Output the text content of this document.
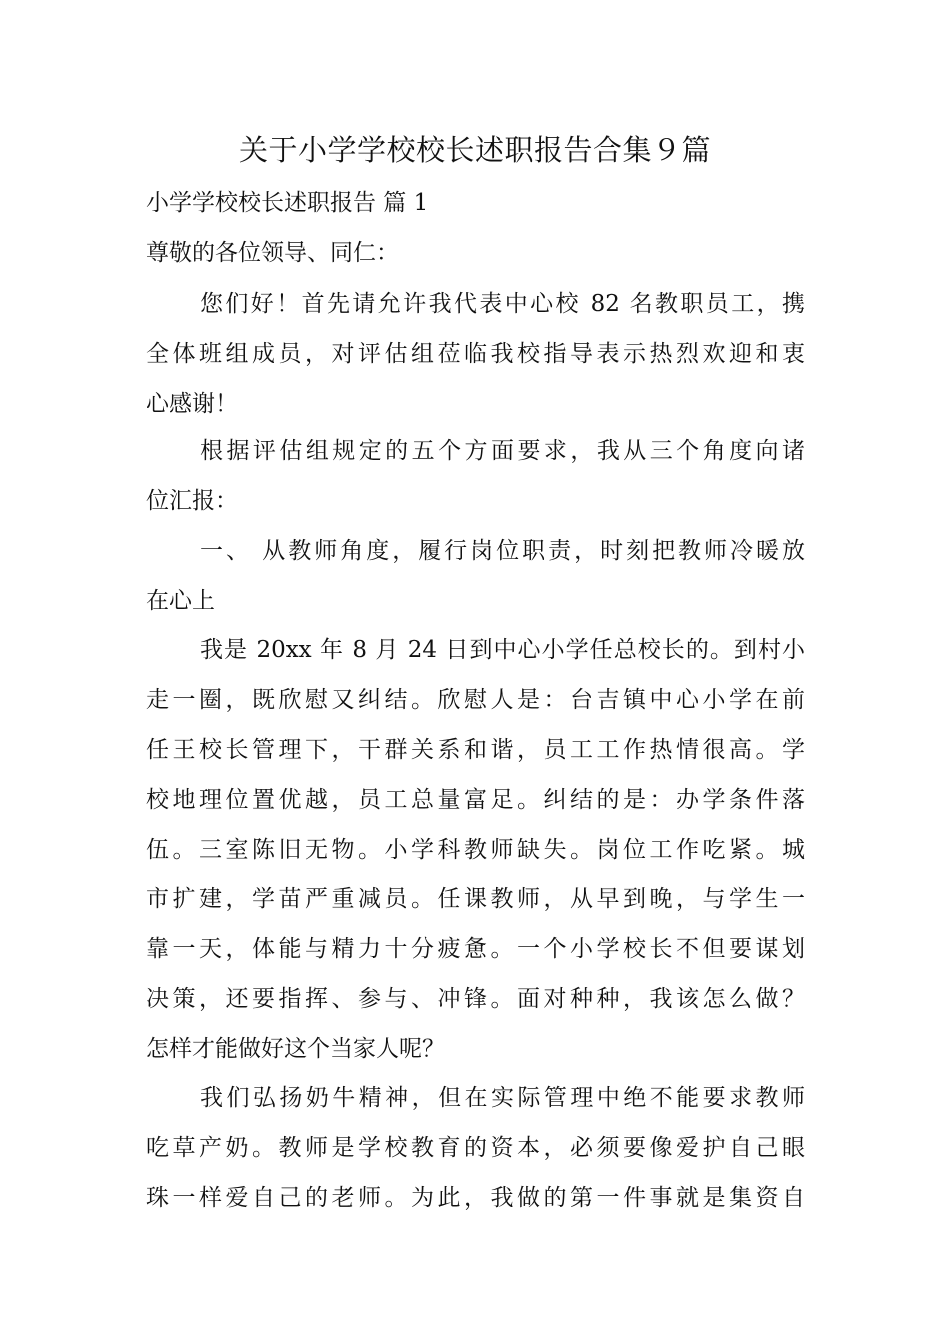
关于小学学校校长述职报告合集９篇
小学学校校长述职报告 篇 1
尊敬的各位领导、同仁：
您们好！首先请允许我代表中心校 82 名教职员工，携
全体班组成员，对评估组莅临我校指导表示热烈欢迎和衷
心感谢！
根据评估组规定的五个方面要求，我从三个角度向诸
位汇报：
一、 从教师角度，履行岗位职责，时刻把教师冷暖放
在心上
我是 20xx 年 8 月 24 日到中心小学任总校长的。到村小
走一圈，既欣慰又纠结。欣慰人是：台吉镇中心小学在前
任王校长管理下，干群关系和谐，员工工作热情很高。学
校地理位置优越，员工总量富足。纠结的是：办学条件落
伍。三室陈旧无物。小学科教师缺失。岗位工作吃紧。城
市扩建，学苗严重减员。任课教师，从早到晚，与学生一
靠一天，体能与精力十分疲惫。一个小学校长不但要谋划
决策，还要指挥、参与、冲锋。面对种种，我该怎么做？
怎样才能做好这个当家人呢？
我们弘扬奶牛精神，但在实际管理中绝不能要求教师
吃草产奶。教师是学校教育的资本，必须要像爱护自己眼
珠一样爱自己的老师。为此，我做的第一件事就是集资自
